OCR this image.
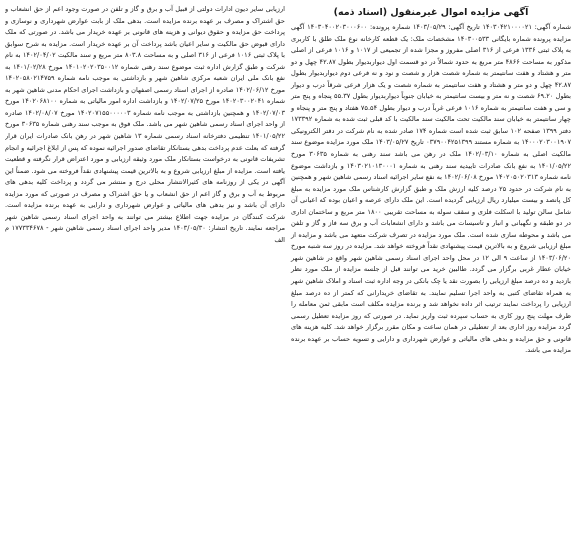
آگهی مزایده اموال غیرمنقول (اسناد ذمه)

شماره آگهی: ۱۴۰۳۰۴۲۱۰۰۰۰۲۱ تاریخ آگهی: ۱۴۰۳/۰۵/۲۹ شماره پرونده: ۱۴۰۳۰۴۰۰۲۰۳۰۰۰۶۰۰ آگهی مزایده پرونده شماره بایگانی ۱۴۰۳۰۰۵۳۳ مشخصات ملک: یک قطعه کارخانه نوع ملک طلق با کاربری به پلاک ثبتی ۱۳۳۶ فرعی از ۳۱۶ اصلی مفروز و مجزا شده از تجمیعی از ۱۰۱۷ و ۱۰۱۶ فرعی از اصلی مذکور به مساحت ۴۸۶۶ متر مربع به حدود شمالاً در دو قسمت اول دیواربدیوار بطول ۴۲.۸۷ چهل و دو متر و هشتاد و هفت سانتیمتر به شماره شصت هزار و شصت و نود و نه فرعی دوم دیواربدیوار بطول ۴۲.۸۷ چهل و دو متر و هشتاد و هفت سانتیمتر به شماره شصت و یک هزار فرعی شرقاً درب و دیوار بطول ۶۹.۲۰ شصت و نه متر و بیست سانتیمتر به خیابان جنوباً دیواربدیوار بطول ۵۵.۳۷ پنجاه و پنج متر و سی و هفت سانتیمتر به شماره ۱۰۱۶ فرعی غرباً درب و دیوار بطول ۷۵.۵۴ هفتاد و پنج متر و پنجاه و چهار سانتیمتر به خیابان سند مالکیت تحت مالکیت سند مالکیت با کد قبلی ثبت شده به شماره ۱۷۳۳۹۲ دفتر ۱۳۹۹ صفحه ۱۰۲ سابق ثبت شده است شماره ۱۷۴ صادر شده به نام شرکت در دفتر الکترونیکی ۱۴۰۰۰۲۰۳۰۰۱۹۰۷ به شماره مستند ۰۳۷۹۰۰۴۲۵۱۳۹۹ تاریخ ۱۴۰۳/۰۵/۲۷ ملک مورد مزایده موضوع سند مالکیت اصلی به شماره ۱۴۰۲/۰۳/۱۰ ملک در رهن می باشد سند رهنی به شماره ۳۰۶۳۵ مورخ ۱۴۰۱/۰۵/۲۲ به نفع بانک صادرات تاییدیه سند رهنی به شماره ۱۴۰۳۰۲۱۰۱۳۰۰۰۱ و بازداشت موضوع نامه شماره ۱۴۰۲۰۵۰۲۰۳۱۳ مورخ ۱۴۰۲/۰۶/۰۸ به نفع سایر اجرائیه اسناد رسمی شاهین شهر و همچنین به نام شرکت در حدود ۲۵ درصد کلیه ارزش ملک و طبق گزارش کارشناس ملک مورد مزایده به مبلغ کل پانصد و بیست میلیارد ریال ارزیابی گردیده است. این ملک دارای عرصه و اعیان بوده که اعیانی آن شامل سالن تولید با اسکلت فلزی و سقف سوله به مساحت تقریبی ۱۸۰۰ متر مربع و ساختمان اداری در دو طبقه و نگهبانی و انبار و تاسیسات می باشد و دارای انشعابات آب و برق سه فاز و گاز و تلفن می باشد و محوطه سازی شده است. ملک مورد مزایده در تصرف شرکت متعهد می باشد و مزایده از مبلغ ارزیابی شروع و به بالاترین قیمت پیشنهادی نقداً فروخته خواهد شد. مزایده در روز سه شنبه مورخ ۱۴۰۳/۰۶/۲۰ از ساعت ۹ الی ۱۲ در محل واحد اجرای اسناد رسمی شاهین شهر واقع در شاهین شهر خیابان عطار غربی برگزار می گردد. طالبین خرید می توانند قبل از جلسه مزایده از ملک مورد نظر بازدید و ده درصد مبلغ ارزیابی را بصورت نقد یا چک بانکی در وجه اداره ثبت اسناد و املاک شاهین شهر به همراه تقاضای کتبی به واحد اجرا تسلیم نمایند. به تقاضای خریدارانی که کمتر از ده درصد مبلغ ارزیابی را پرداخت نمایند ترتیب اثر داده نخواهد شد و برنده مزایده مکلف است مابقی ثمن معامله را ظرف مهلت پنج روز کاری به حساب سپرده ثبت واریز نماید. در صورتی که روز مزایده تعطیل رسمی گردد مزایده روز اداری بعد از تعطیلی در همان ساعت و مکان مقرر برگزار خواهد شد. کلیه هزینه های قانونی و حق مزایده و بدهی های مالیاتی و عوارض شهرداری و دارایی و تسویه حساب بر عهده برنده مزایده می باشد.

ارزیابی سایر دیون ادارات دولتی از قبیل آب و برق و گاز و تلفن در صورت وجود اعم از حق انشعاب و حق اشتراک و مصرف بر عهده برنده مزایده است. بدهی ملک از بابت عوارض شهرداری و نوسازی و پرداخت حق مزایده و حقوق دیوانی و هزینه های قانونی بر عهده خریدار می باشد. در صورتی که ملک دارای قبوض حق مالکیت و سایر اعیان باشد پرداخت آن بر عهده خریدار است. مزایده به شرح سوابق با پلاک ثبتی ۱۰۱۶ فرعی از ۳۱۶ اصلی و به مساحت ۸۰۳.۸ متر مربع و سند مالکیت ۱۴۰۲/۰۴/۰۲ به نام شرکت و طبق گزارش اداره ثبت موضوع سند رهنی شماره ۱۴۰۱۰۲۰۲۰۳۵۰۰۱۲ مورخ ۱۴۰۱/۰۲/۲۸ به نفع بانک ملی ایران شعبه مرکزی شاهین شهر و بازداشتی به موجب نامه شماره ۱۴۰۲۰۵۸۰۲۱۴۷۵۹ مورخ ۱۴۰۲/۰۶/۱۲ صادره از اجرای اسناد رسمی اصفهان و بازداشت اجرای احکام مدنی شاهین شهر به شماره ۱۴۰۲۰۳۰۰۲۰۴۱ مورخ ۱۴۰۲/۰۷/۲۵ و بازداشت اداره امور مالیاتی به شماره ۱۴۰۲۰۶۸۱۰۰ مورخ ۱۴۰۲/۰۷/۰۳ و همچنین بازداشتی به موجب نامه شماره ۱۴۰۲۰۷۱۵۵۰۰۰۰۰۳ مورخ ۱۴۰۲/۰۸/۰۷ صادره از واحد اجرای اسناد رسمی شاهین شهر می باشد. ملک فوق به موجب سند رهنی شماره ۳۰۶۳۵ مورخ ۱۴۰۱/۰۵/۲۲ تنظیمی دفترخانه اسناد رسمی شماره ۱۳ شاهین شهر در رهن بانک صادرات ایران قرار گرفته که بعلت عدم پرداخت بدهی بستانکار تقاضای صدور اجرائیه نموده که پس از ابلاغ اجرائیه و انجام تشریفات قانونی به درخواست بستانکار ملک مورد وثیقه ارزیابی و مورد اعتراض قرار نگرفته و قطعیت یافته است. مزایده از مبلغ ارزیابی شروع و به بالاترین قیمت پیشنهادی نقداً فروخته می شود. ضمناً این آگهی در یکی از روزنامه های کثیرالانتشار محلی درج و منتشر می گردد و پرداخت کلیه بدهی های مربوط به آب و برق و گاز اعم از حق انشعاب و یا حق اشتراک و مصرف در صورتی که مورد مزایده دارای آن باشد و نیز بدهی های مالیاتی و عوارض شهرداری و دارایی به عهده برنده مزایده است. شرکت کنندگان در مزایده جهت اطلاع بیشتر می توانند به واحد اجرای اسناد رسمی شاهین شهر مراجعه نمایند. تاریخ انتشار: ۱۴۰۳/۰۵/۳۰ مدیر واحد اجرای اسناد رسمی شاهین شهر - ۱۷۷۳۳۴۶۷۸ م الف
